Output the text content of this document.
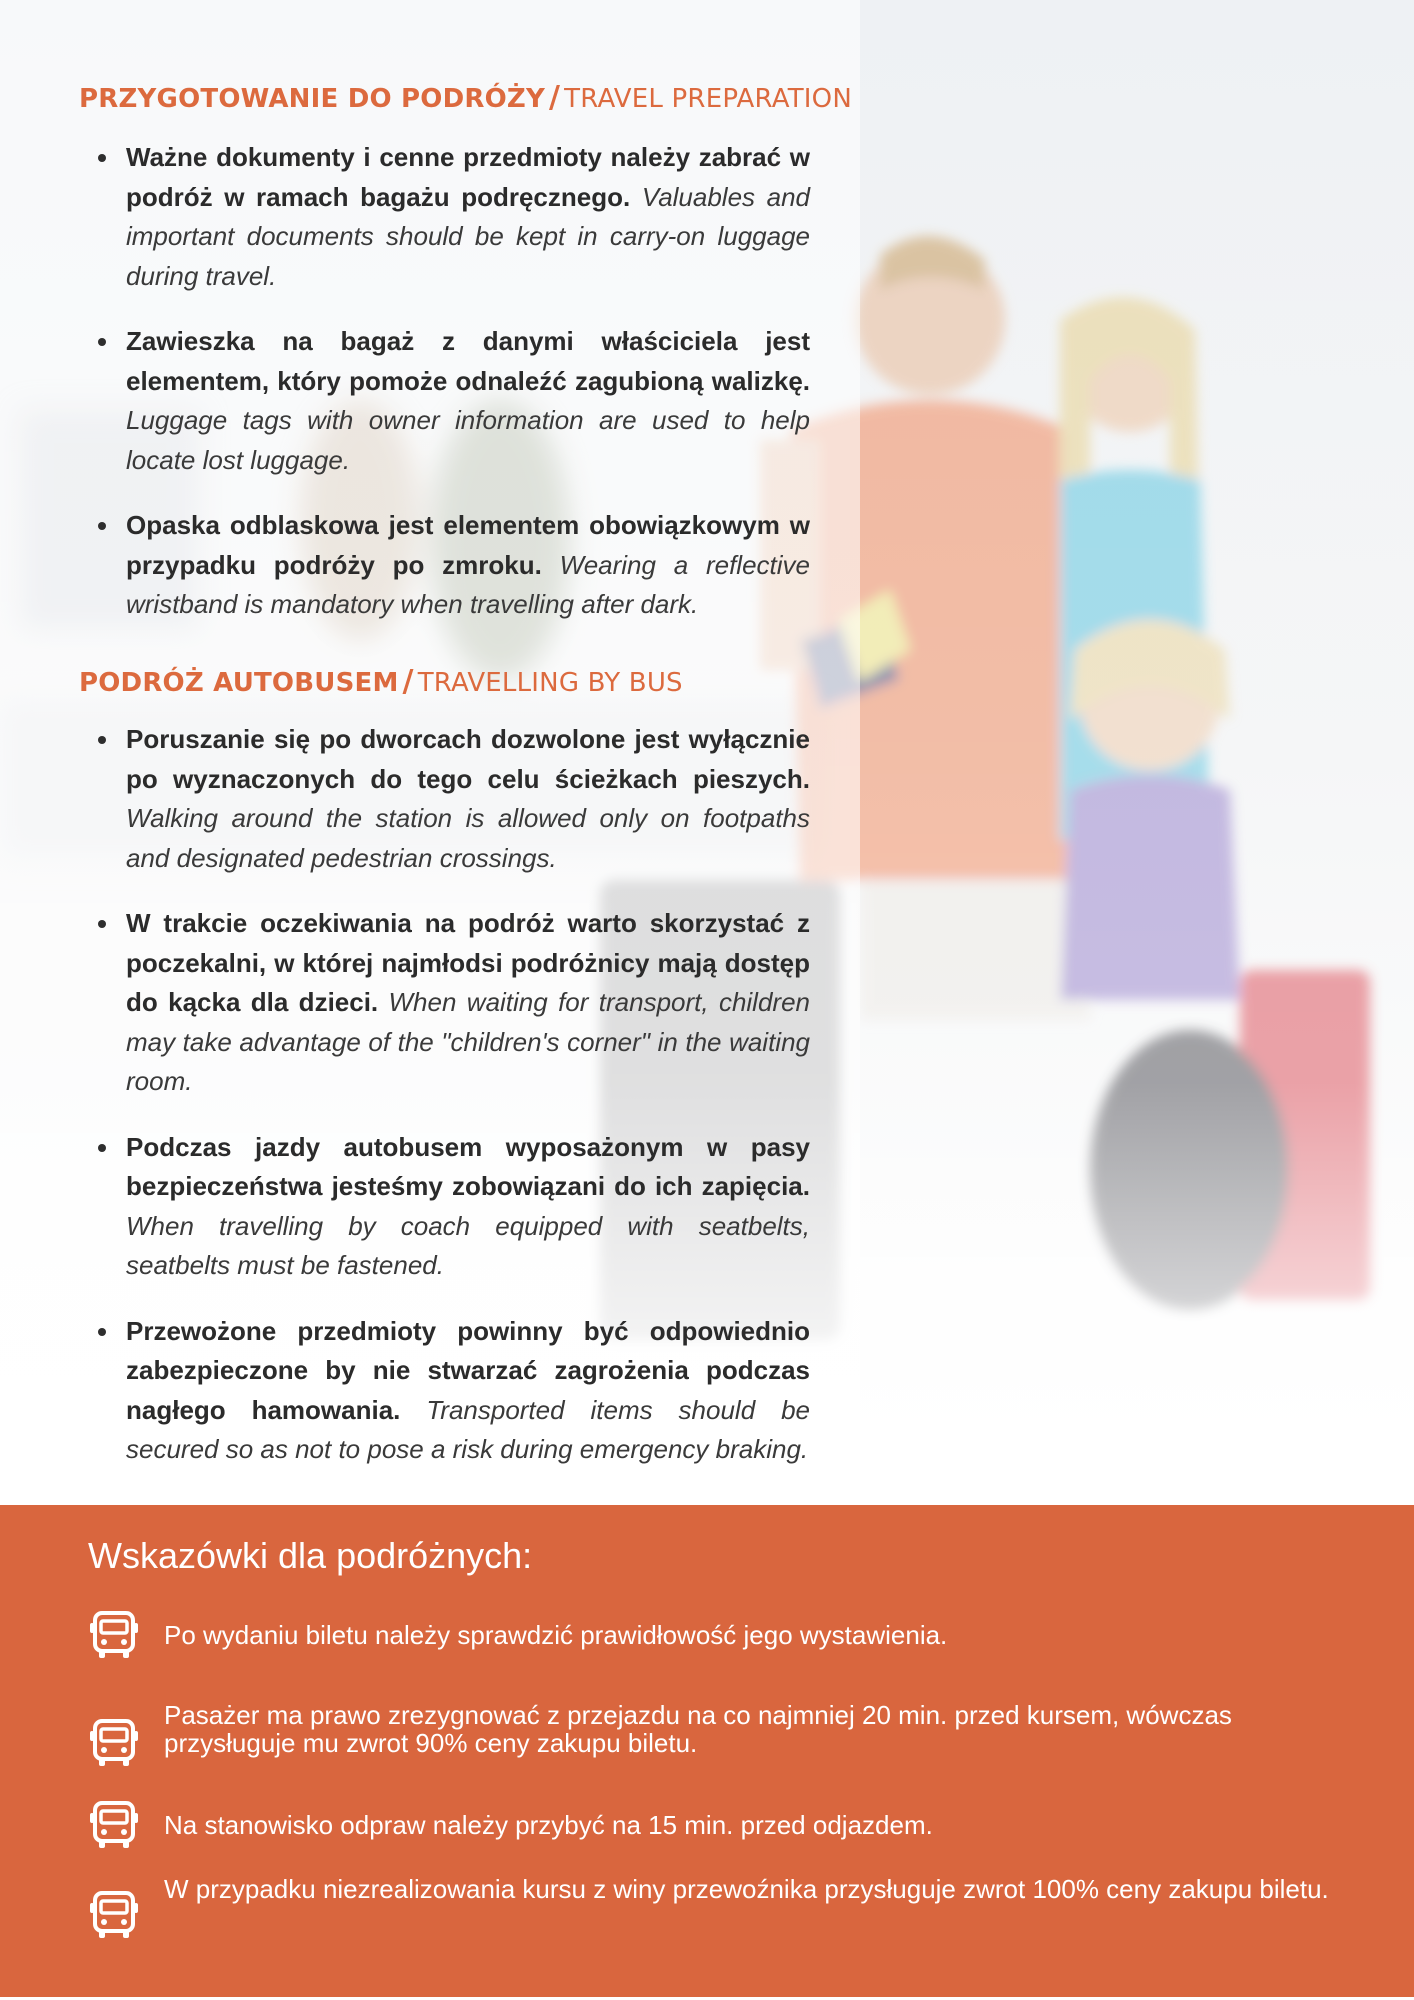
PRZYGOTOWANIE DO PODRÓŻY / TRAVEL PREPARATION
Ważne dokumenty i cenne przedmioty należy zabrać w podróż w ramach bagażu podręcznego. Valuables and important documents should be kept in carry-on luggage during travel.
Zawieszka na bagaż z danymi właściciela jest elementem, który pomoże odnaleźć zagubioną walizkę. Luggage tags with owner information are used to help locate lost luggage.
Opaska odblaskowa jest elementem obowiązkowym w przypadku podróży po zmroku. Wearing a reflective wristband is mandatory when travelling after dark.
PODRÓŻ AUTOBUSEM / TRAVELLING BY BUS
Poruszanie się po dworcach dozwolone jest wyłącznie po wyznaczonych do tego celu ścieżkach pieszych. Walking around the station is allowed only on footpaths and designated pedestrian crossings.
W trakcie oczekiwania na podróż warto skorzystać z poczekalni, w której najmłodsi podróżnicy mają dostęp do kącka dla dzieci. When waiting for transport, children may take advantage of the "children's corner" in the waiting room.
Podczas jazdy autobusem wyposażonym w pasy bezpieczeństwa jesteśmy zobowiązani do ich zapięcia. When travelling by coach equipped with seatbelts, seatbelts must be fastened.
Przewożone przedmioty powinny być odpowiednio zabezpieczone by nie stwarzać zagrożenia podczas nagłego hamowania. Transported items should be secured so as not to pose a risk during emergency braking.
Wskazówki dla podróżnych:
Po wydaniu biletu należy sprawdzić prawidłowość jego wystawienia.
Pasażer ma prawo zrezygnować z przejazdu na co najmniej 20 min. przed kursem, wówczas przysługuje mu zwrot 90% ceny zakupu biletu.
Na stanowisko odpraw należy przybyć na 15 min. przed odjazdem.
W przypadku niezrealizowania kursu z winy przewoźnika przysługuje zwrot 100% ceny zakupu biletu.
